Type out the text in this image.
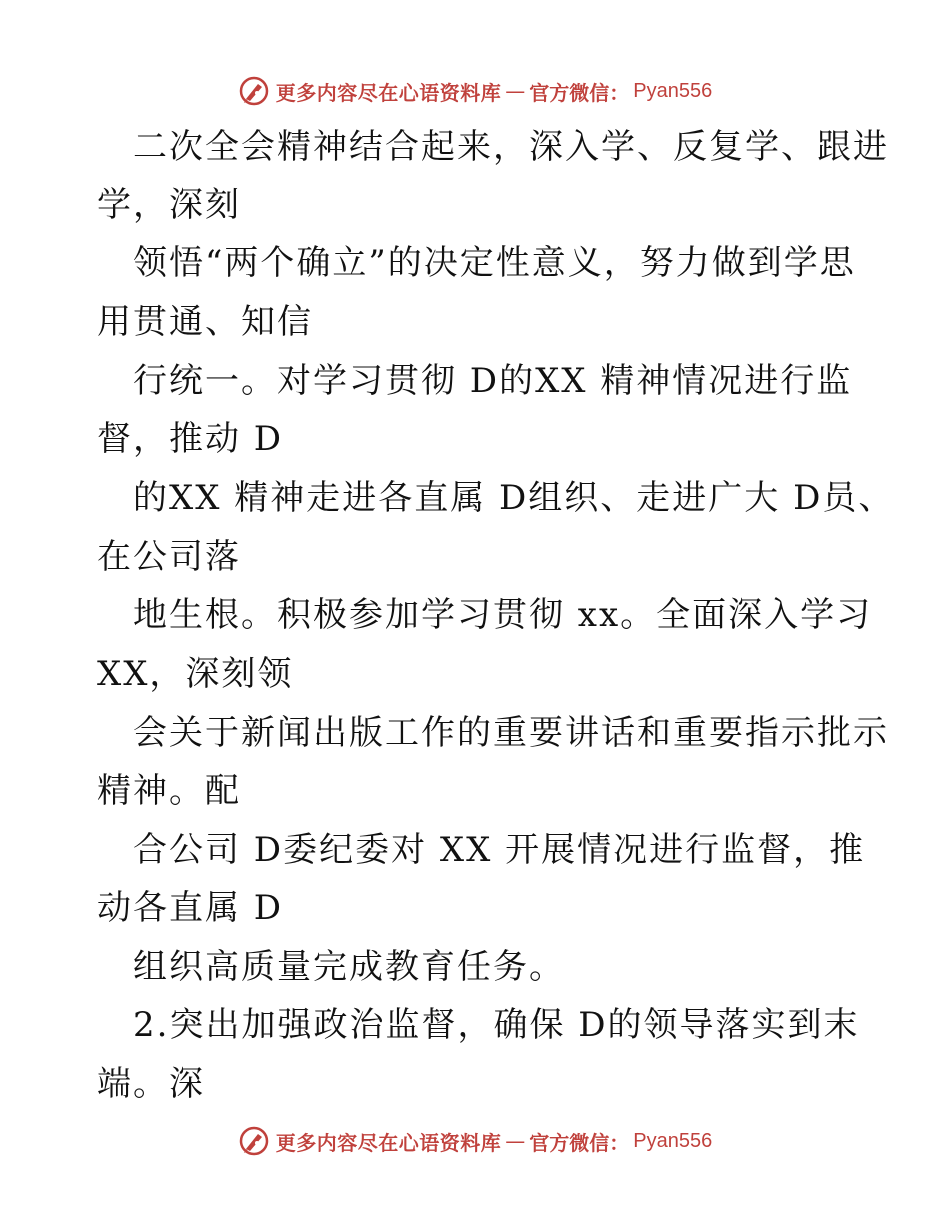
更多内容尽在心语资料库 — 官方微信： Pyan556
二次全会精神结合起来，深入学、反复学、跟进
学，深刻
领悟“两个确立”的决定性意义，努力做到学思
用贯通、知信
行统一。对学习贯彻 D的XX 精神情况进行监
督，推动 D
的XX 精神走进各直属 D组织、走进广大 D员、
在公司落
地生根。积极参加学习贯彻 xx。全面深入学习
XX，深刻领
会关于新闻出版工作的重要讲话和重要指示批示
精神。配
合公司 D委纪委对 XX 开展情况进行监督，推
动各直属 D
组织高质量完成教育任务。
2.突出加强政治监督，确保 D的领导落实到末
端。深
更多内容尽在心语资料库 — 官方微信： Pyan556
